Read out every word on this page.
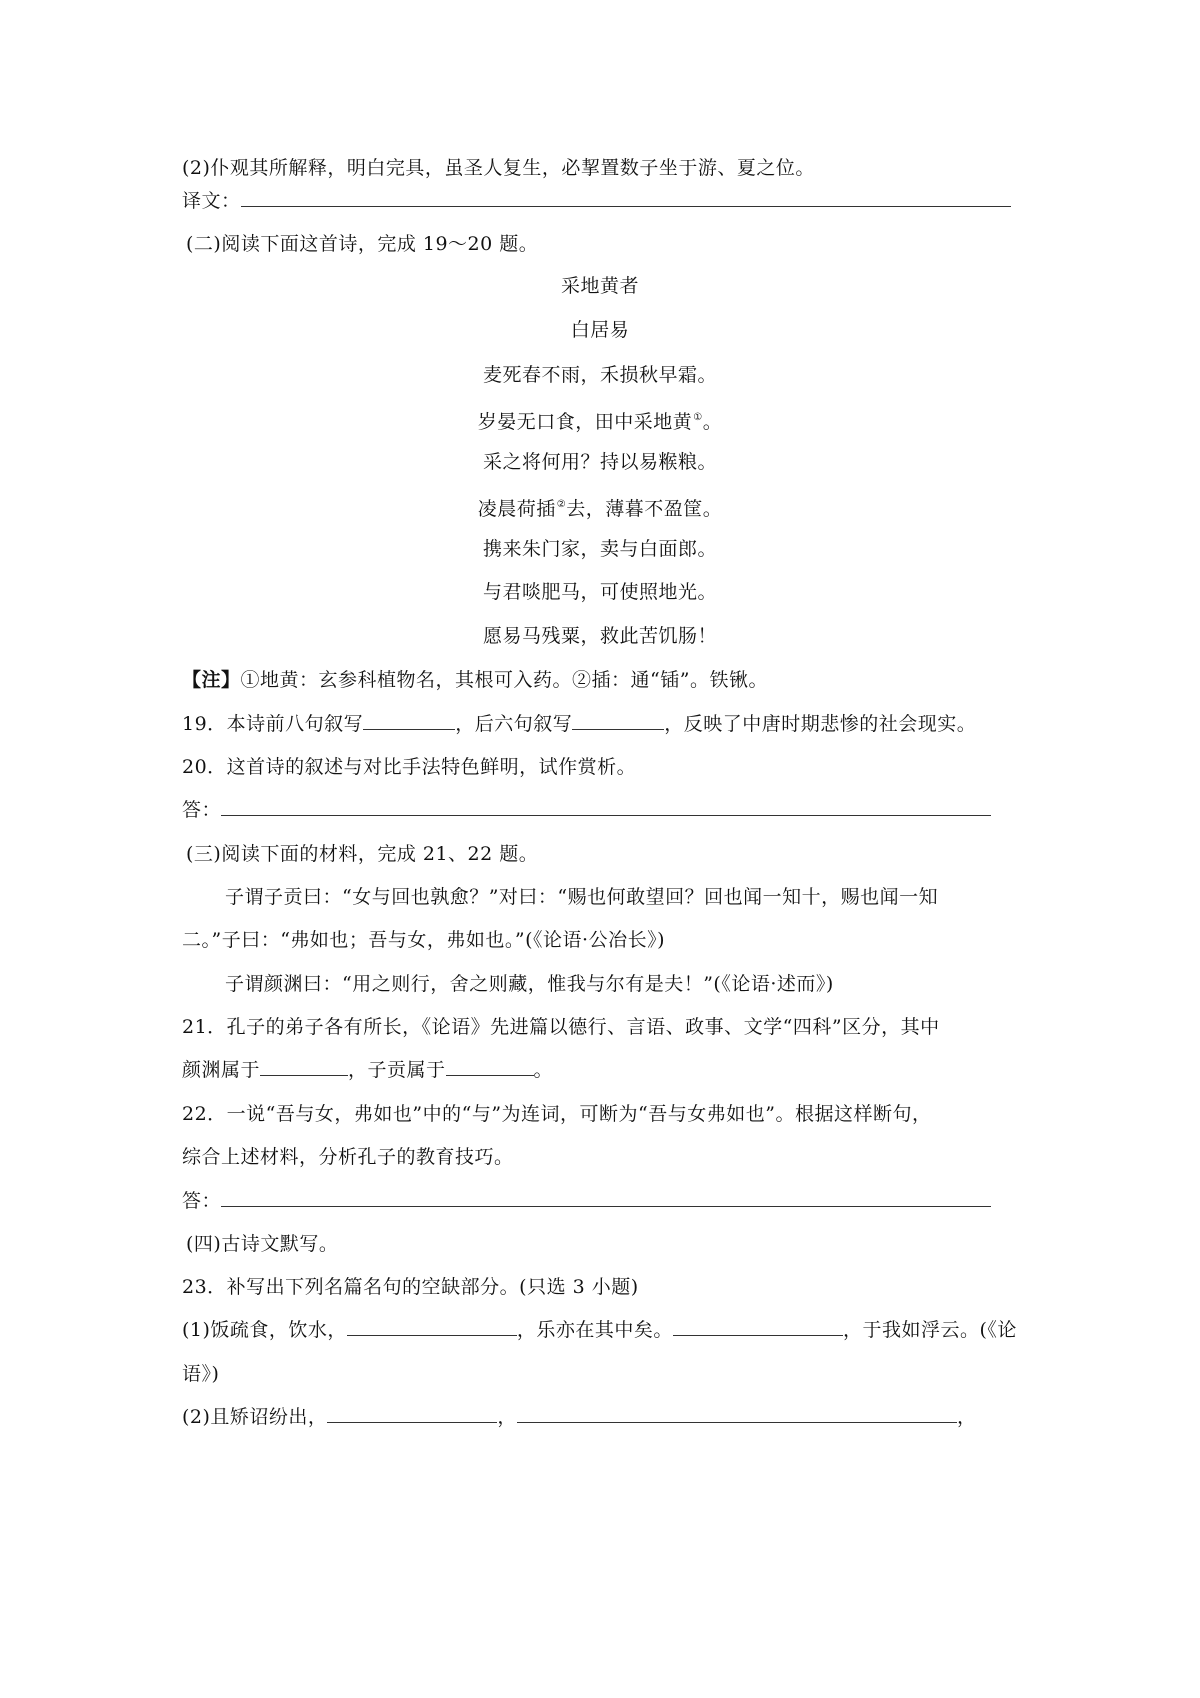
(2)仆观其所解释，明白完具，虽圣人复生，必挈置数子坐于游、夏之位。
译文：
(二)阅读下面这首诗，完成 19～20 题。
采地黄者
白居易
麦死春不雨，禾损秋早霜。
岁晏无口食，田中采地黄①。
采之将何用？持以易糇粮。
凌晨荷插②去，薄暮不盈筐。
携来朱门家，卖与白面郎。
与君啖肥马，可使照地光。
愿易马残粟，救此苦饥肠！
【注】①地黄：玄参科植物名，其根可入药。②插：通“锸”。铁锹。
19．本诗前八句叙写	，后六句叙写	，反映了中唐时期悲惨的社会现实。
20．这首诗的叙述与对比手法特色鲜明，试作赏析。
答：
(三)阅读下面的材料，完成 21、22 题。
子谓子贡曰：“女与回也孰愈？”对曰：“赐也何敢望回？回也闻一知十，赐也闻一知
二。”子曰：“弗如也；吾与女，弗如也。”(《论语·公冶长》)
子谓颜渊曰：“用之则行，舍之则藏，惟我与尔有是夫！”(《论语·述而》)
21．孔子的弟子各有所长，《论语》先进篇以德行、言语、政事、文学“四科”区分，其中
颜渊属于	，子贡属于	。
22．一说“吾与女，弗如也”中的“与”为连词，可断为“吾与女弗如也”。根据这样断句，
综合上述材料，分析孔子的教育技巧。
答：
(四)古诗文默写。
23．补写出下列名篇名句的空缺部分。(只选 3 小题)
(1)饭疏食，饮水，	，乐亦在其中矣。	，于我如浮云。(《论
语》)
(2)且矫诏纷出，	，	，
